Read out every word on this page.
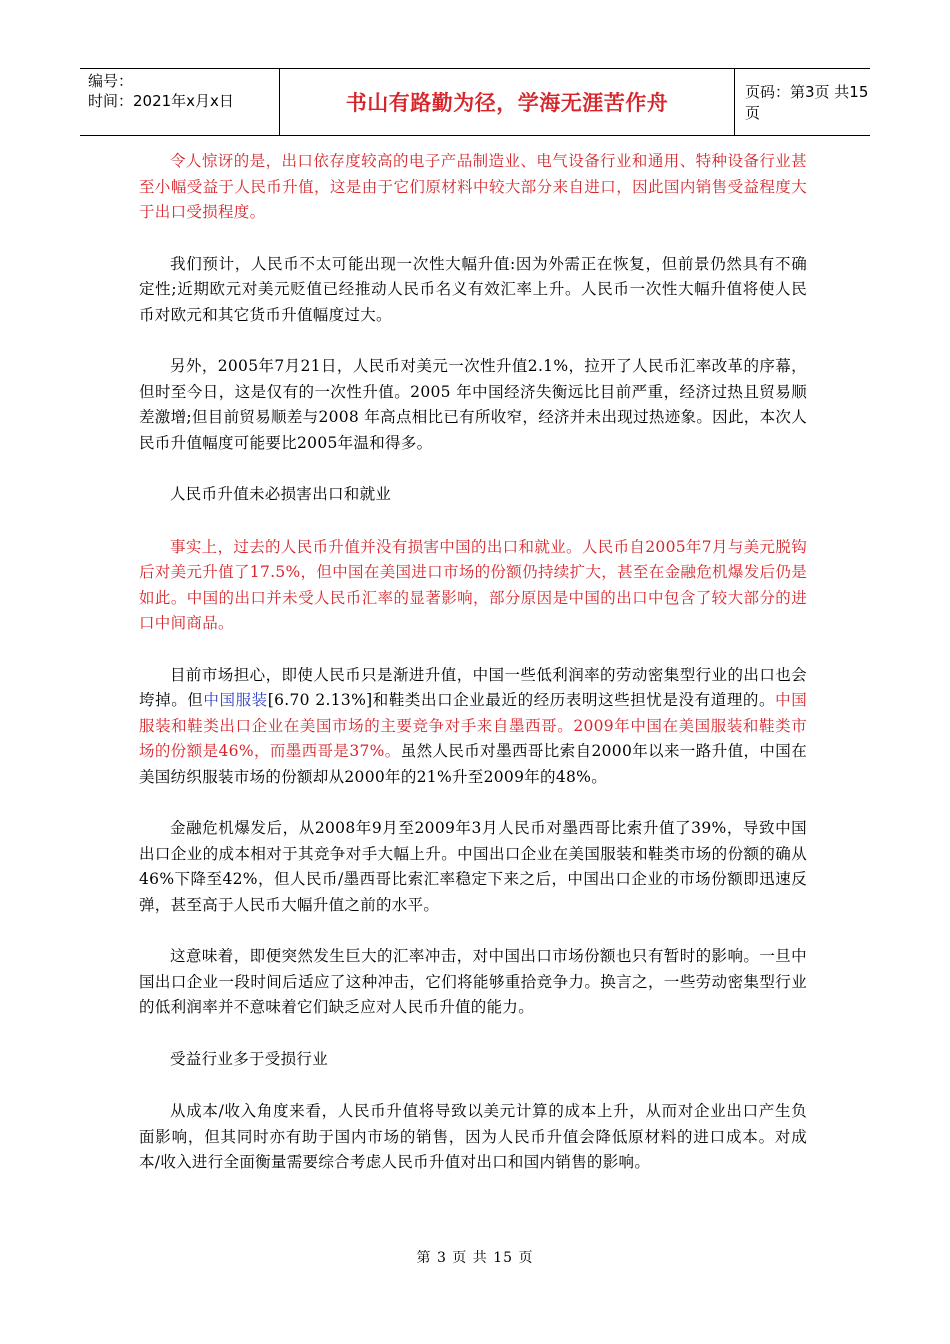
编号：
时间：2021年x月x日	书山有路勤为径，学海无涯苦作舟	页码：第3页 共15页

令人惊讶的是，出口依存度较高的电子产品制造业、电气设备行业和通用、特种设备行业甚至小幅受益于人民币升值，这是由于它们原材料中较大部分来自进口，因此国内销售受益程度大于出口受损程度。

我们预计，人民币不太可能出现一次性大幅升值:因为外需正在恢复，但前景仍然具有不确定性;近期欧元对美元贬值已经推动人民币名义有效汇率上升。人民币一次性大幅升值将使人民币对欧元和其它货币升值幅度过大。

另外，2005年7月21日，人民币对美元一次性升值2.1%，拉开了人民币汇率改革的序幕，但时至今日，这是仅有的一次性升值。2005 年中国经济失衡远比目前严重，经济过热且贸易顺差激增;但目前贸易顺差与2008 年高点相比已有所收窄，经济并未出现过热迹象。因此，本次人民币升值幅度可能要比2005年温和得多。

人民币升值未必损害出口和就业

事实上，过去的人民币升值并没有损害中国的出口和就业。人民币自2005年7月与美元脱钩后对美元升值了17.5%，但中国在美国进口市场的份额仍持续扩大，甚至在金融危机爆发后仍是如此。中国的出口并未受人民币汇率的显著影响，部分原因是中国的出口中包含了较大部分的进口中间商品。

目前市场担心，即使人民币只是渐进升值，中国一些低利润率的劳动密集型行业的出口也会垮掉。但中国服装[6.70 2.13%]和鞋类出口企业最近的经历表明这些担忧是没有道理的。中国服装和鞋类出口企业在美国市场的主要竞争对手来自墨西哥。2009年中国在美国服装和鞋类市场的份额是46%，而墨西哥是37%。虽然人民币对墨西哥比索自2000年以来一路升值，中国在美国纺织服装市场的份额却从2000年的21%升至2009年的48%。

金融危机爆发后，从2008年9月至2009年3月人民币对墨西哥比索升值了39%，导致中国出口企业的成本相对于其竞争对手大幅上升。中国出口企业在美国服装和鞋类市场的份额的确从46%下降至42%，但人民币/墨西哥比索汇率稳定下来之后，中国出口企业的市场份额即迅速反弹，甚至高于人民币大幅升值之前的水平。

这意味着，即便突然发生巨大的汇率冲击，对中国出口市场份额也只有暂时的影响。一旦中国出口企业一段时间后适应了这种冲击，它们将能够重拾竞争力。换言之，一些劳动密集型行业的低利润率并不意味着它们缺乏应对人民币升值的能力。

受益行业多于受损行业

从成本/收入角度来看，人民币升值将导致以美元计算的成本上升，从而对企业出口产生负面影响，但其同时亦有助于国内市场的销售，因为人民币升值会降低原材料的进口成本。对成本/收入进行全面衡量需要综合考虑人民币升值对出口和国内销售的影响。

第 3 页 共 15 页
